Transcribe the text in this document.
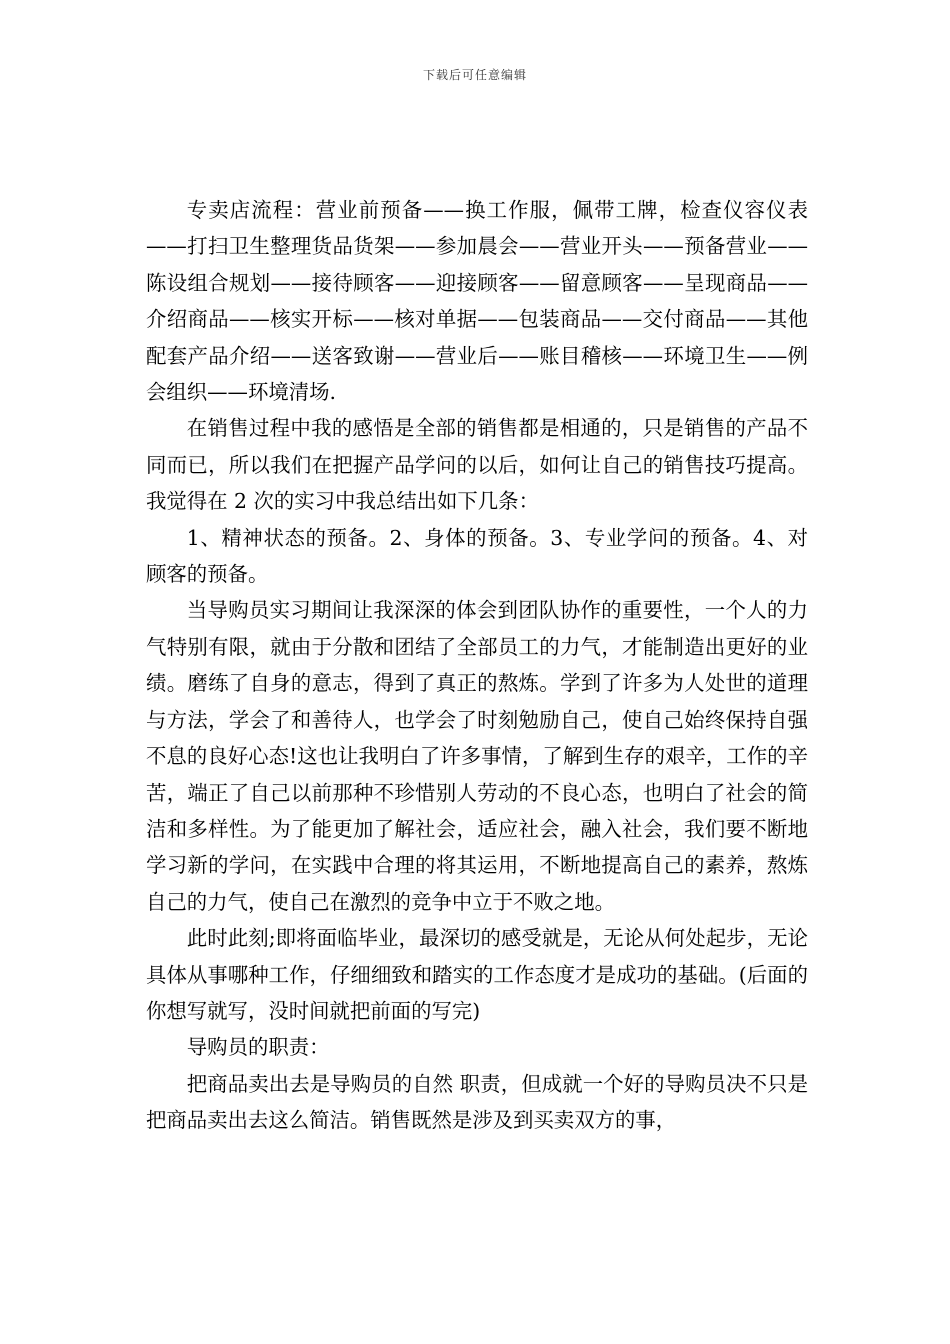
下载后可任意编辑

专卖店流程：营业前预备——换工作服，佩带工牌，检查仪容仪表——打扫卫生整理货品货架——参加晨会——营业开头——预备营业——陈设组合规划——接待顾客——迎接顾客——留意顾客——呈现商品——介绍商品——核实开标——核对单据——包装商品——交付商品——其他配套产品介绍——送客致谢——营业后——账目稽核——环境卫生——例会组织——环境清场.

在销售过程中我的感悟是全部的销售都是相通的，只是销售的产品不同而已，所以我们在把握产品学问的以后，如何让自己的销售技巧提高。我觉得在 2 次的实习中我总结出如下几条：

1、精神状态的预备。2、身体的预备。3、专业学问的预备。4、对顾客的预备。

当导购员实习期间让我深深的体会到团队协作的重要性，一个人的力气特别有限，就由于分散和团结了全部员工的力气，才能制造出更好的业绩。磨练了自身的意志，得到了真正的熬炼。学到了许多为人处世的道理与方法，学会了和善待人，也学会了时刻勉励自己，使自己始终保持自强不息的良好心态!这也让我明白了许多事情，了解到生存的艰辛，工作的辛苦，端正了自己以前那种不珍惜别人劳动的不良心态，也明白了社会的简洁和多样性。为了能更加了解社会，适应社会，融入社会，我们要不断地学习新的学问，在实践中合理的将其运用，不断地提高自己的素养，熬炼自己的力气，使自己在激烈的竞争中立于不败之地。

此时此刻;即将面临毕业，最深切的感受就是，无论从何处起步，无论具体从事哪种工作，仔细细致和踏实的工作态度才是成功的基础。(后面的你想写就写，没时间就把前面的写完)

导购员的职责：

把商品卖出去是导购员的自然 职责，但成就一个好的导购员决不只是把商品卖出去这么简洁。销售既然是涉及到买卖双方的事，
